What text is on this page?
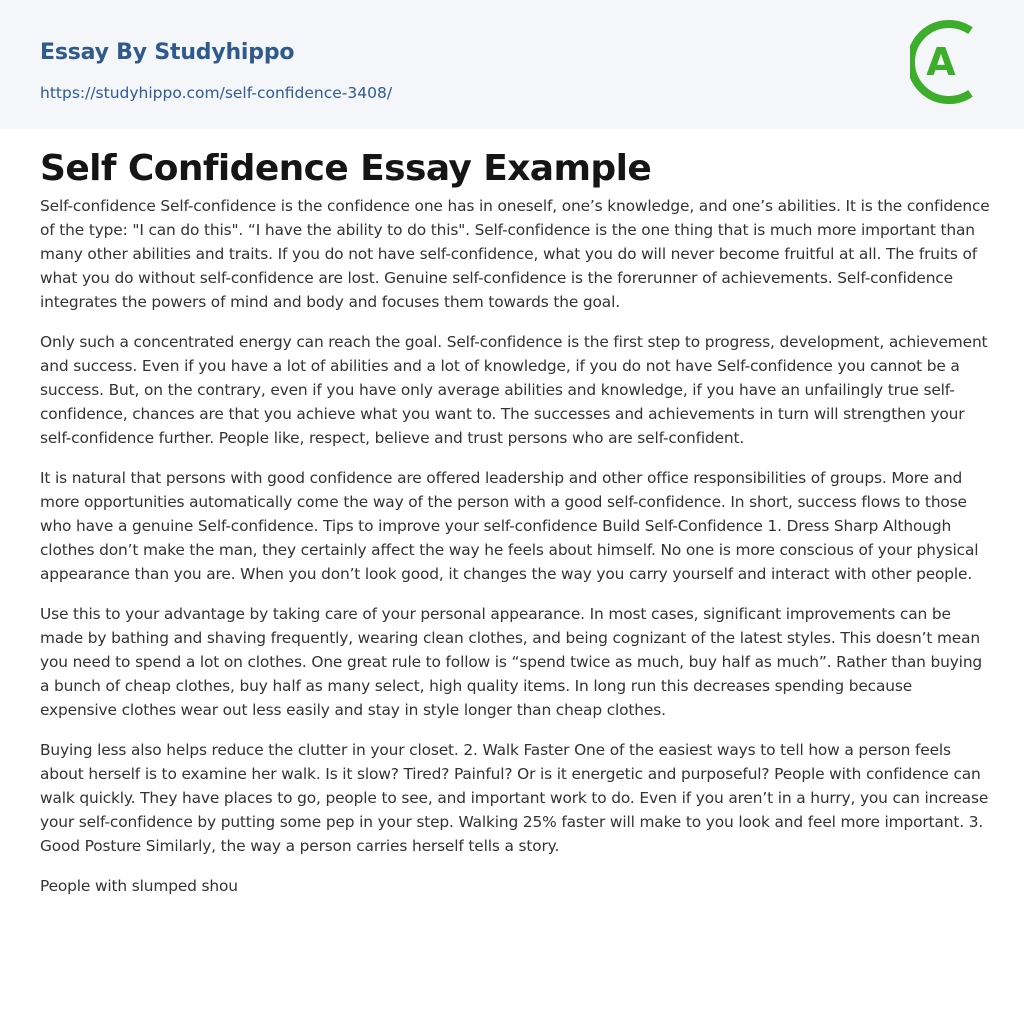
Essay By Studyhippo
https://studyhippo.com/self-confidence-3408/
A
Self Confidence Essay Example

Self-confidence Self-confidence is the confidence one has in oneself, one’s knowledge, and one’s abilities. It is the confidence of the type: "I can do this". “I have the ability to do this". Self-confidence is the one thing that is much more important than many other abilities and traits. If you do not have self-confidence, what you do will never become fruitful at all. The fruits of what you do without self-confidence are lost. Genuine self-confidence is the forerunner of achievements. Self-confidence integrates the powers of mind and body and focuses them towards the goal.

Only such a concentrated energy can reach the goal. Self-confidence is the first step to progress, development, achievement and success. Even if you have a lot of abilities and a lot of knowledge, if you do not have Self-confidence you cannot be a success. But, on the contrary, even if you have only average abilities and knowledge, if you have an unfailingly true self-confidence, chances are that you achieve what you want to. The successes and achievements in turn will strengthen your self-confidence further. People like, respect, believe and trust persons who are self-confident.

It is natural that persons with good confidence are offered leadership and other office responsibilities of groups. More and more opportunities automatically come the way of the person with a good self-confidence. In short, success flows to those who have a genuine Self-confidence. Tips to improve your self-confidence Build Self-Confidence 1. Dress Sharp Although clothes don’t make the man, they certainly affect the way he feels about himself. No one is more conscious of your physical appearance than you are. When you don’t look good, it changes the way you carry yourself and interact with other people.

Use this to your advantage by taking care of your personal appearance. In most cases, significant improvements can be made by bathing and shaving frequently, wearing clean clothes, and being cognizant of the latest styles. This doesn’t mean you need to spend a lot on clothes. One great rule to follow is “spend twice as much, buy half as much”. Rather than buying a bunch of cheap clothes, buy half as many select, high quality items. In long run this decreases spending because expensive clothes wear out less easily and stay in style longer than cheap clothes.

Buying less also helps reduce the clutter in your closet. 2. Walk Faster One of the easiest ways to tell how a person feels about herself is to examine her walk. Is it slow? Tired? Painful? Or is it energetic and purposeful? People with confidence can walk quickly. They have places to go, people to see, and important work to do. Even if you aren’t in a hurry, you can increase your self-confidence by putting some pep in your step. Walking 25% faster will make to you look and feel more important. 3. Good Posture Similarly, the way a person carries herself tells a story.

People with slumped shou
